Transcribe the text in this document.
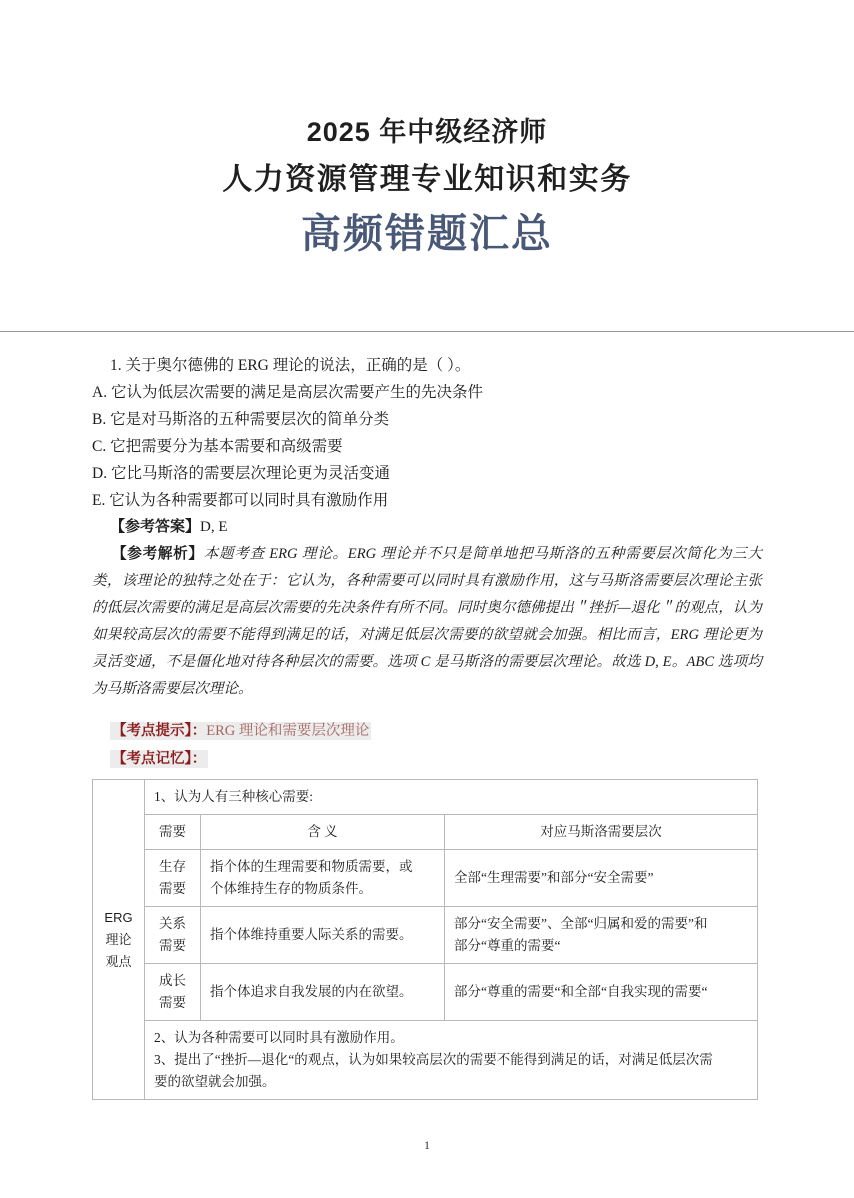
2025 年中级经济师
人力资源管理专业知识和实务
高频错题汇总
1. 关于奥尔德佛的 ERG 理论的说法，正确的是（ ）。
A. 它认为低层次需要的满足是高层次需要产生的先决条件
B. 它是对马斯洛的五种需要层次的简单分类
C. 它把需要分为基本需要和高级需要
D. 它比马斯洛的需要层次理论更为灵活变通
E. 它认为各种需要都可以同时具有激励作用
【参考答案】D, E
【参考解析】本题考查 ERG 理论。ERG 理论并不只是简单地把马斯洛的五种需要层次简化为三大类，该理论的独特之处在于：它认为，各种需要可以同时具有激励作用，这与马斯洛需要层次理论主张的低层次需要的满足是高层次需要的先决条件有所不同。同时奥尔德佛提出＂挫折—退化＂的观点，认为如果较高层次的需要不能得到满足的话，对满足低层次需要的欲望就会加强。相比而言，ERG 理论更为灵活变通，不是僵化地对待各种层次的需要。选项 C 是马斯洛的需要层次理论。故选 D, E。ABC 选项均为马斯洛需要层次理论。
【考点提示】：ERG 理论和需要层次理论
【考点记忆】：
ERG
理论
观点	1、认为人有三种核心需要:		
	需要	含 义	对应马斯洛需要层次

	生存
需要	指个体的生理需要和物质需要，或
个体维持生存的物质条件。	全部“生理需要”和部分“安全需要”

	关系
需要	指个体维持重要人际关系的需要。	部分“安全需要”、全部“归属和爱的需要”和
部分“尊重的需要“

	成长
需要	指个体追求自我发展的内在欲望。	部分“尊重的需要“和全部“自我实现的需要“

	2、认为各种需要可以同时具有激励作用。
3、提出了“挫折—退化“的观点，认为如果较高层次的需要不能得到满足的话，对满足低层次需
要的欲望就会加强。		
1
